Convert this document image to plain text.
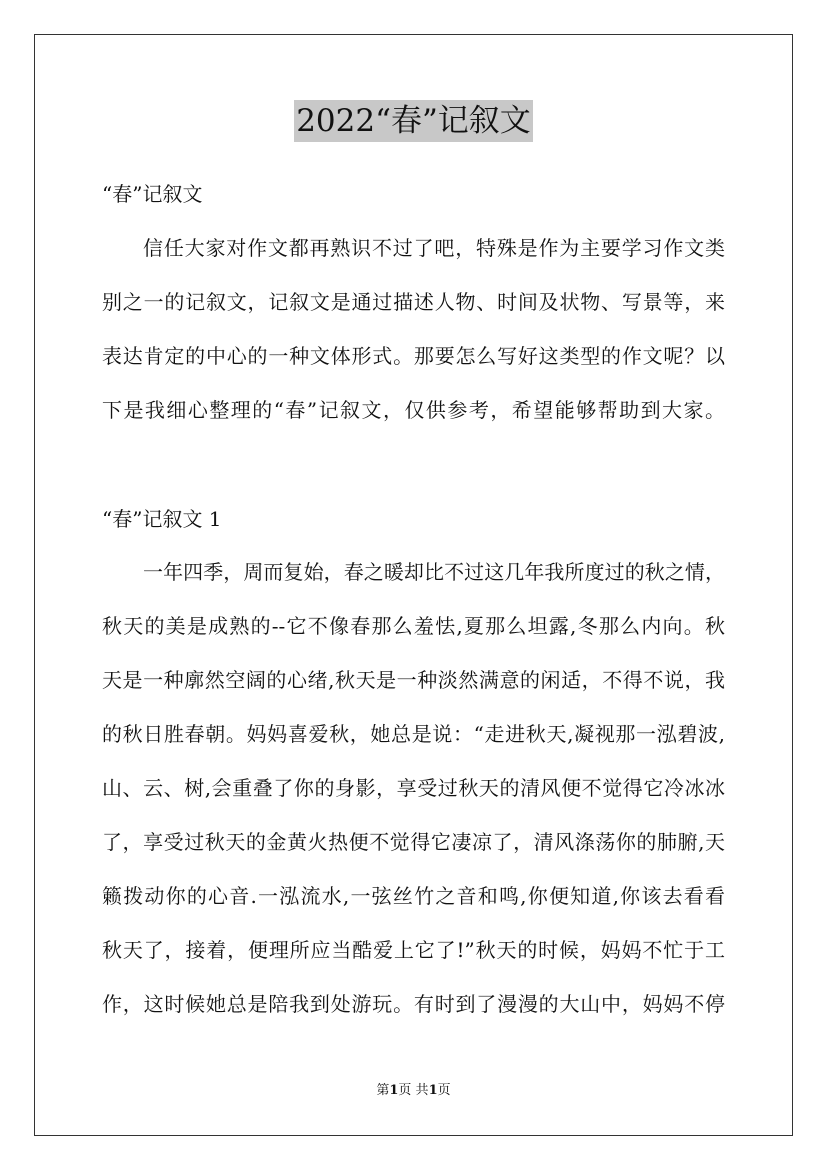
2022“春”记叙文
“春”记叙文
信任大家对作文都再熟识不过了吧，特殊是作为主要学习作文类
别之一的记叙文，记叙文是通过描述人物、时间及状物、写景等，来
表达肯定的中心的一种文体形式。那要怎么写好这类型的作文呢？以
下是我细心整理的“春”记叙文，仅供参考，希望能够帮助到大家。
“春”记叙文 1
一年四季，周而复始，春之暖却比不过这几年我所度过的秋之情，
秋天的美是成熟的--它不像春那么羞怯,夏那么坦露,冬那么内向。秋
天是一种廓然空阔的心绪,秋天是一种淡然满意的闲适，不得不说，我
的秋日胜春朝。妈妈喜爱秋，她总是说：“走进秋天,凝视那一泓碧波,
山、云、树,会重叠了你的身影，享受过秋天的清风便不觉得它冷冰冰
了，享受过秋天的金黄火热便不觉得它凄凉了，清风涤荡你的肺腑,天
籁拨动你的心音.一泓流水,一弦丝竹之音和鸣,你便知道,你该去看看
秋天了，接着，便理所应当酷爱上它了!”秋天的时候，妈妈不忙于工
作，这时候她总是陪我到处游玩。有时到了漫漫的大山中，妈妈不停
第1页 共1页
